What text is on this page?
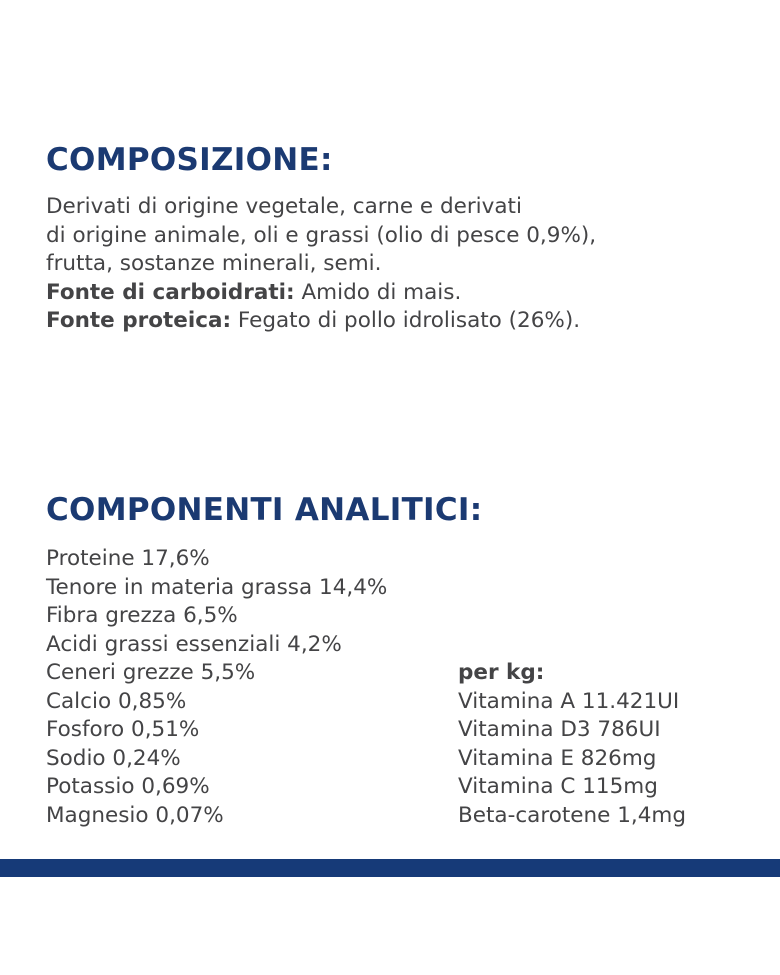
COMPOSIZIONE:
Derivati di origine vegetale, carne e derivati
di origine animale, oli e grassi (olio di pesce 0,9%),
frutta, sostanze minerali, semi.
Fonte di carboidrati: Amido di mais.
Fonte proteica: Fegato di pollo idrolisato (26%).
COMPONENTI ANALITICI:
Proteine 17,6%
Tenore in materia grassa 14,4%
Fibra grezza 6,5%
Acidi grassi essenziali 4,2%
Ceneri grezze 5,5%
Calcio 0,85%
Fosforo 0,51%
Sodio 0,24%
Potassio 0,69%
Magnesio 0,07%
per kg:
Vitamina A 11.421UI
Vitamina D3 786UI
Vitamina E 826mg
Vitamina C 115mg
Beta-carotene 1,4mg
